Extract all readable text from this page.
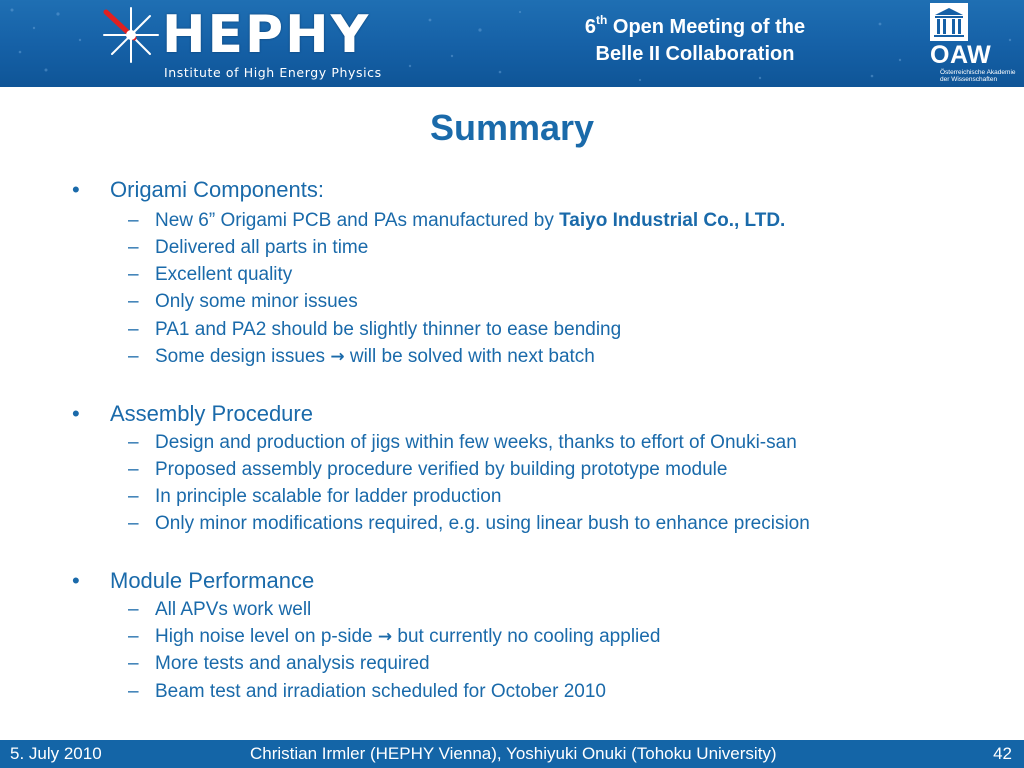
HEPHY
Institute of High Energy Physics
6th Open Meeting of the
Belle II Collaboration	OAW
Österreichische Akademie
der Wissenschaften
Summary
• Origami Components:
– New 6” Origami PCB and PAs manufactured by Taiyo Industrial Co., LTD.
– Delivered all parts in time
– Excellent quality
– Only some minor issues
– PA1 and PA2 should be slightly thinner to ease bending
– Some design issues → will be solved with next batch
• Assembly Procedure
– Design and production of jigs within few weeks, thanks to effort of Onuki-san
– Proposed assembly procedure verified by building prototype module
– In principle scalable for ladder production
– Only minor modifications required, e.g. using linear bush to enhance precision
• Module Performance
– All APVs work well
– High noise level on p-side → but currently no cooling applied
– More tests and analysis required
– Beam test and irradiation scheduled for October 2010
5. July 2010	Christian Irmler (HEPHY Vienna), Yoshiyuki Onuki (Tohoku University)	42
